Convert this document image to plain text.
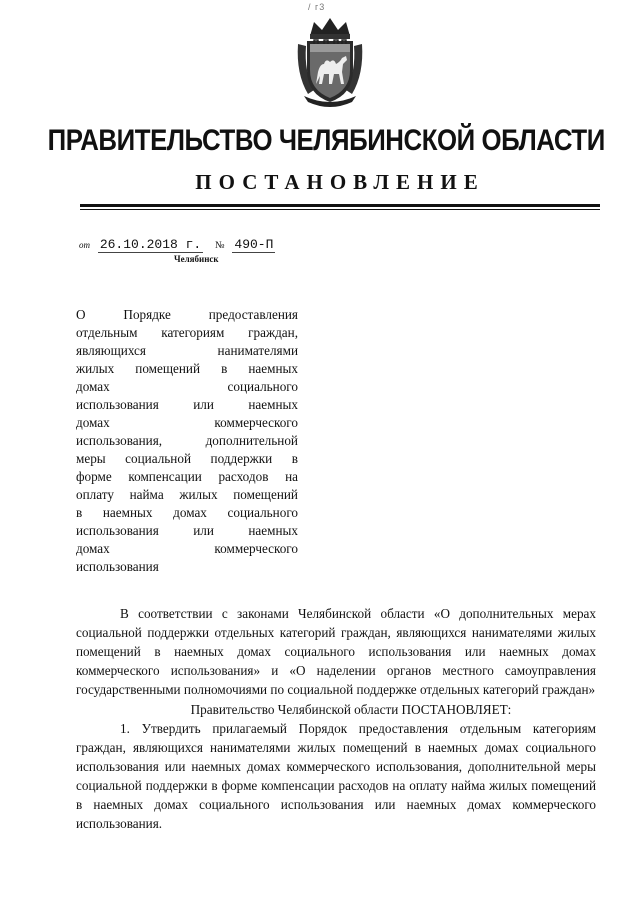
/ г3
ПРАВИТЕЛЬСТВО ЧЕЛЯБИНСКОЙ ОБЛАСТИ
ПОСТАНОВЛЕНИЕ
от 26.10.2018 г. № 490-П
Челябинск
О Порядке предоставления
отдельным категориям граждан,
являющихся нанимателями
жилых помещений в наемных
домах социального
использования или наемных
домах коммерческого
использования, дополнительной
меры социальной поддержки в
форме компенсации расходов на
оплату найма жилых помещений
в наемных домах социального
использования или наемных
домах коммерческого
использования

В соответствии с законами Челябинской области «О дополнительных мерах социальной поддержки отдельных категорий граждан, являющихся нанимателями жилых помещений в наемных домах социального использования или наемных домах коммерческого использования» и «О наделении органов местного самоуправления государственными полномочиями по социальной поддержке отдельных категорий граждан»

Правительство Челябинской области ПОСТАНОВЛЯЕТ:

1. Утвердить прилагаемый Порядок предоставления отдельным категориям граждан, являющихся нанимателями жилых помещений в наемных домах социального использования или наемных домах коммерческого использования, дополнительной меры социальной поддержки в форме компенсации расходов на оплату найма жилых помещений в наемных домах социального использования или наемных домах коммерческого использования.
